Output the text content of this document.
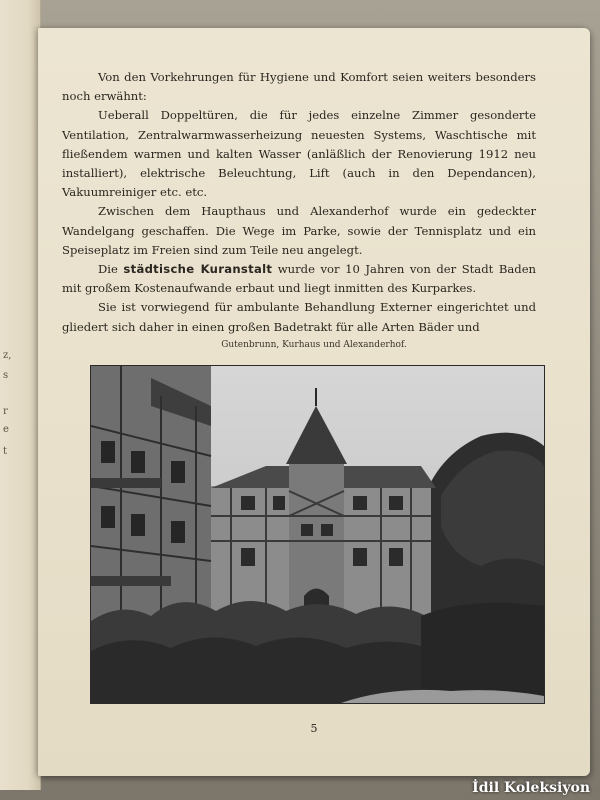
z,
s
r
e
t

Von den Vorkehrungen für Hygiene und Komfort seien weiters besonders noch erwähnt:

Ueberall Doppeltüren, die für jedes einzelne Zimmer gesonderte Ventilation, Zentralwarmwasserheizung neuesten Systems, Waschtische mit fließendem warmen und kalten Wasser (anläßlich der Renovierung 1912 neu installiert), elektrische Beleuchtung, Lift (auch in den Dependancen), Vakuumreiniger etc. etc.

Zwischen dem Haupthaus und Alexanderhof wurde ein gedeckter Wandelgang geschaffen. Die Wege im Parke, sowie der Tennisplatz und ein Speiseplatz im Freien sind zum Teile neu angelegt.

Die städtische Kuranstalt wurde vor 10 Jahren von der Stadt Baden mit großem Kostenaufwande erbaut und liegt inmitten des Kurparkes.

Sie ist vorwiegend für ambulante Behandlung Externer eingerichtet und gliedert sich daher in einen großen Badetrakt für alle Arten Bäder und

Gutenbrunn, Kurhaus und Alexanderhof.
5
İdil Koleksiyon
